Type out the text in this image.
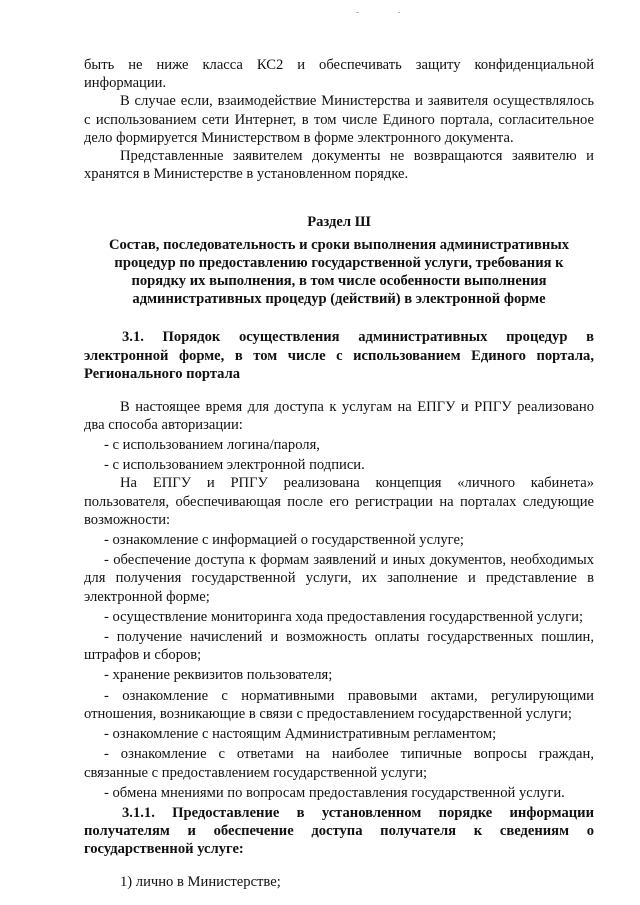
быть не ниже класса КС2 и обеспечивать защиту конфиденциальной информации.

В случае если, взаимодействие Министерства и заявителя осуществлялось с использованием сети Интернет, в том числе Единого портала, согласительное дело формируется Министерством в форме электронного документа.

Представленные заявителем документы не возвращаются заявителю и хранятся в Министерстве в установленном порядке.

Раздел Ш

Состав, последовательность и сроки выполнения административных процедур по предоставлению государственной услуги, требования к порядку их выполнения, в том числе особенности выполнения административных процедур (действий) в электронной форме

3.1. Порядок осуществления административных процедур в электронной форме, в том числе с использованием Единого портала, Регионального портала

В настоящее время для доступа к услугам на ЕПГУ и РПГУ реализовано два способа авторизации:

- с использованием логина/пароля,

- с использованием электронной подписи.

На ЕПГУ и РПГУ реализована концепция «личного кабинета» пользователя, обеспечивающая после его регистрации на порталах следующие возможности:

- ознакомление с информацией о государственной услуге;

- обеспечение доступа к формам заявлений и иных документов, необходимых для получения государственной услуги, их заполнение и представление в электронной форме;

- осуществление мониторинга хода предоставления государственной услуги;

- получение начислений и возможность оплаты государственных пошлин, штрафов и сборов;

- хранение реквизитов пользователя;

- ознакомление с нормативными правовыми актами, регулирующими отношения, возникающие в связи с предоставлением государственной услуги;

- ознакомление с настоящим Административным регламентом;

- ознакомление с ответами на наиболее типичные вопросы граждан, связанные с предоставлением государственной услуги;

- обмена мнениями по вопросам предоставления государственной услуги.

3.1.1. Предоставление в установленном порядке информации получателям и обеспечение доступа получателя к сведениям о государственной услуге:

1) лично в Министерстве;
